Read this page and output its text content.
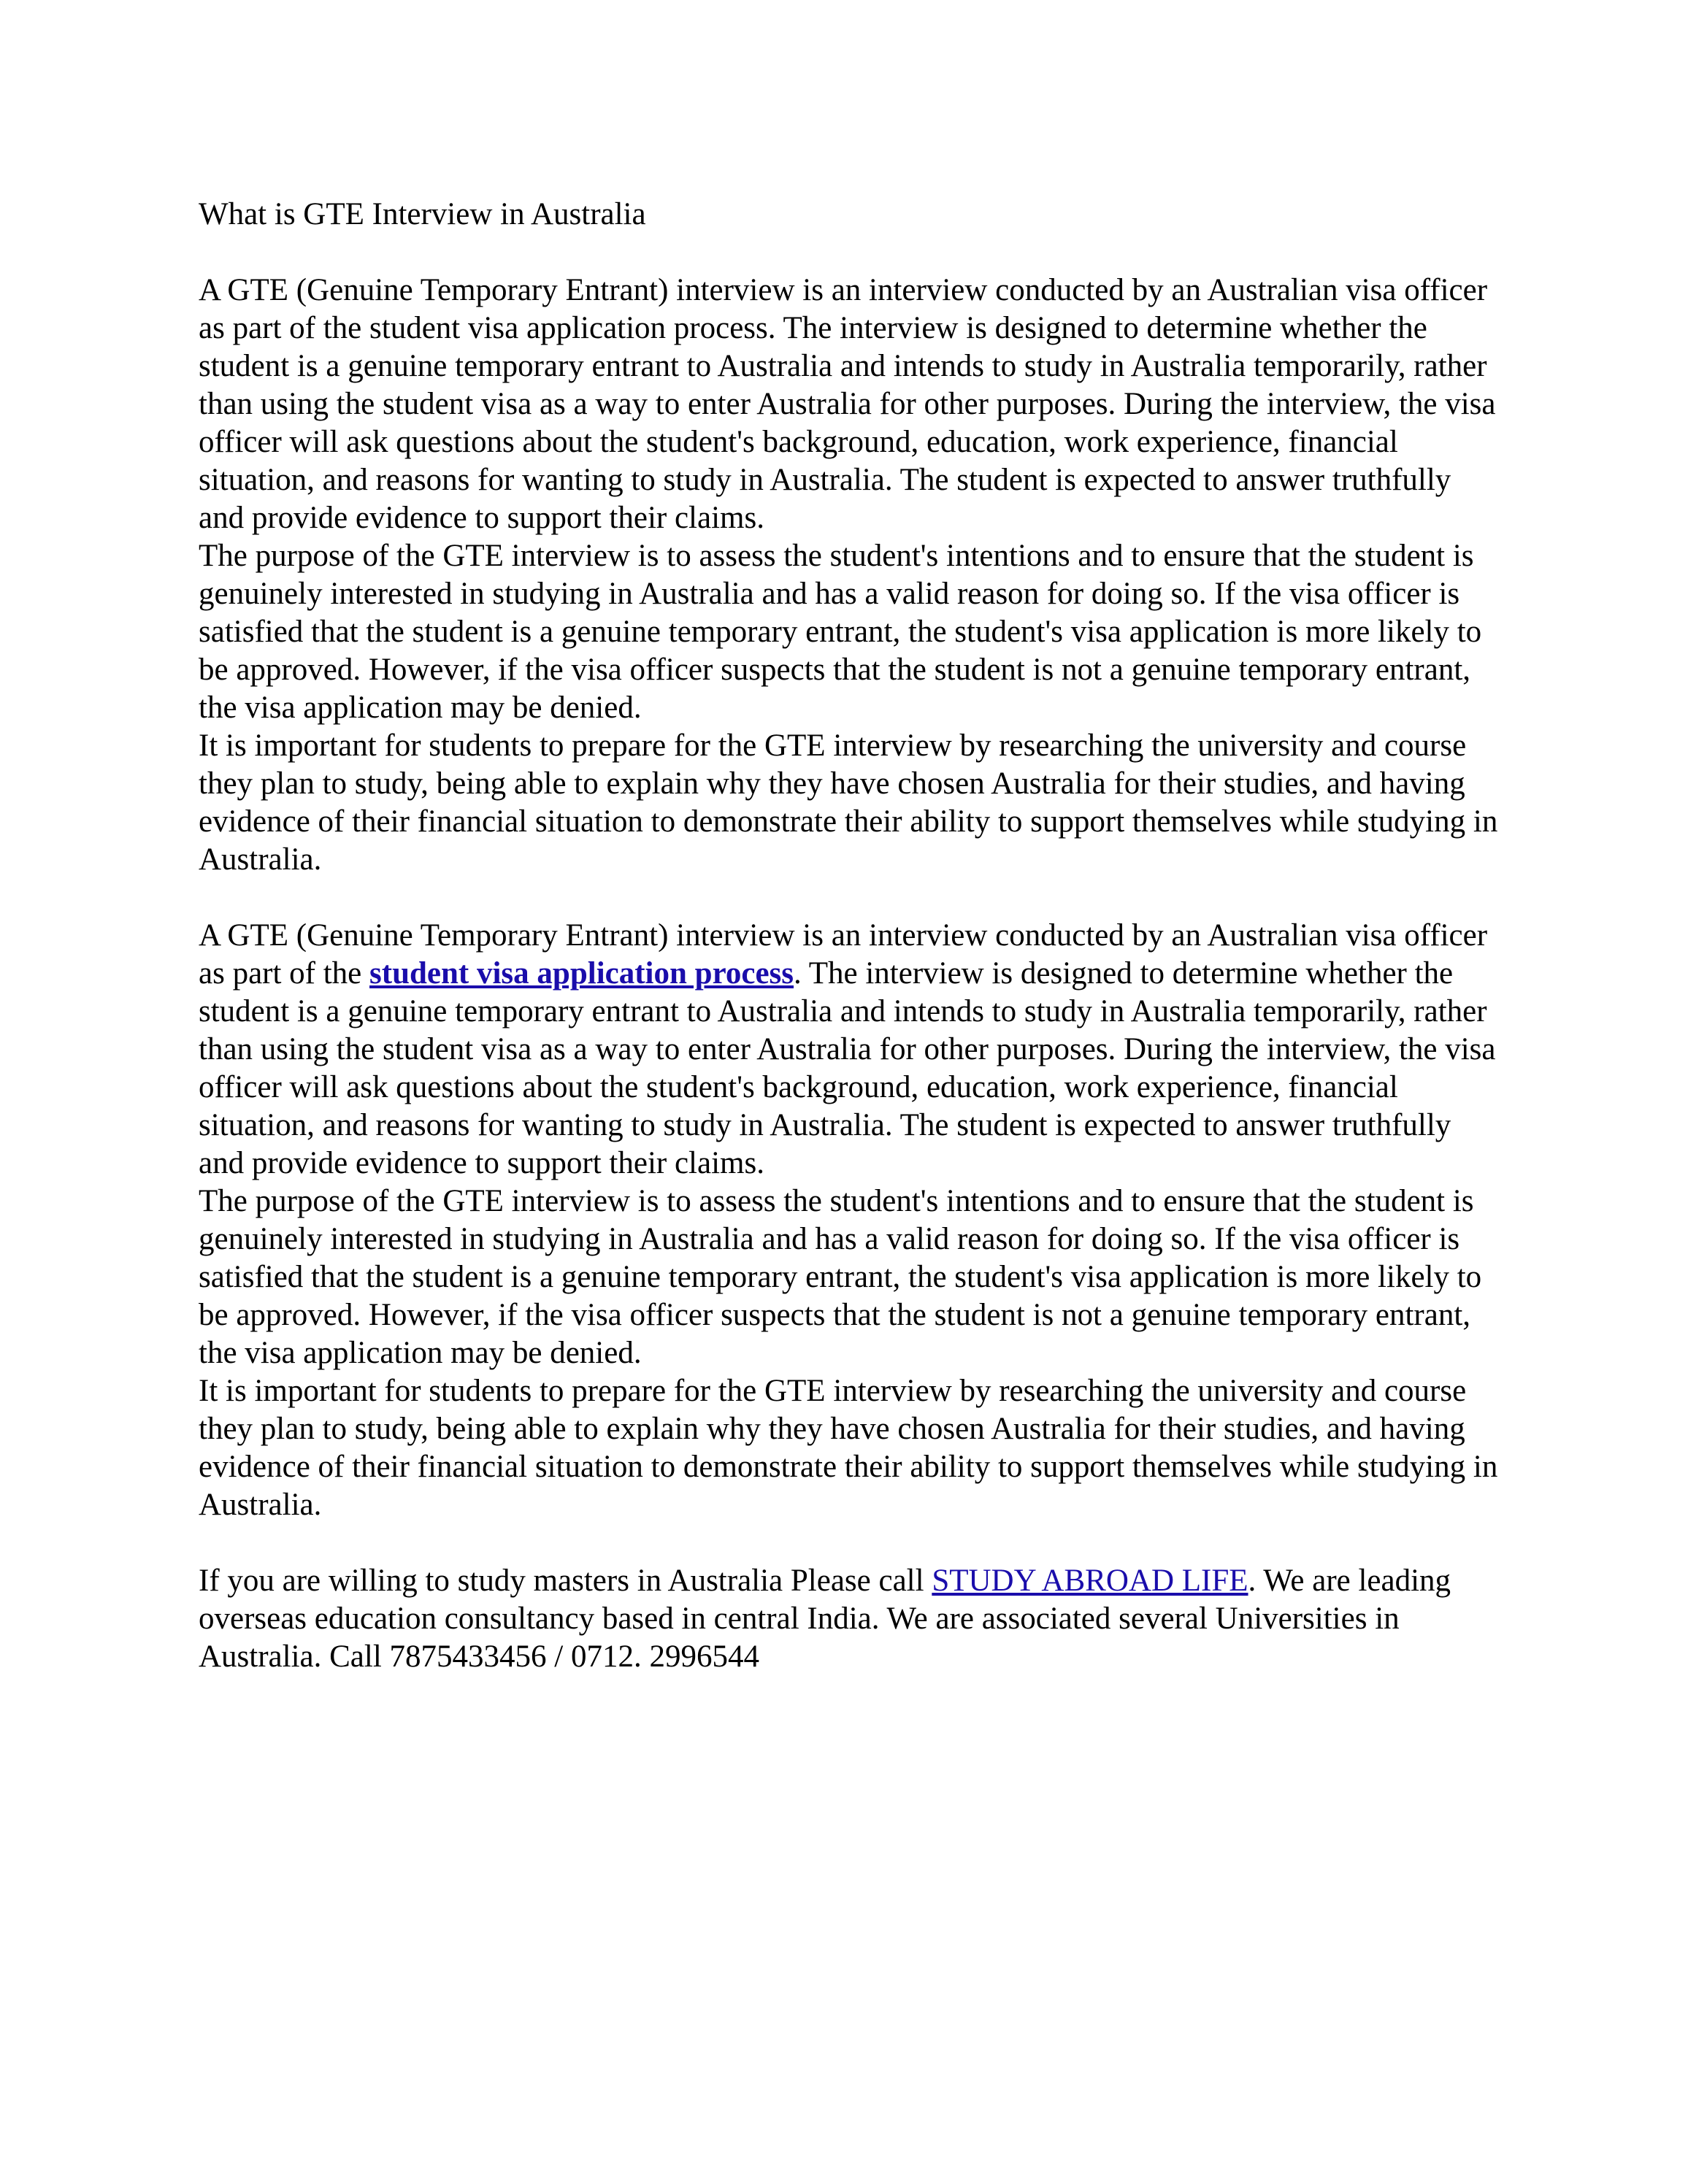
What is GTE Interview in Australia

A GTE (Genuine Temporary Entrant) interview is an interview conducted by an Australian visa officer as part of the student visa application process. The interview is designed to determine whether the student is a genuine temporary entrant to Australia and intends to study in Australia temporarily, rather than using the student visa as a way to enter Australia for other purposes. During the interview, the visa officer will ask questions about the student's background, education, work experience, financial situation, and reasons for wanting to study in Australia. The student is expected to answer truthfully and provide evidence to support their claims.

The purpose of the GTE interview is to assess the student's intentions and to ensure that the student is genuinely interested in studying in Australia and has a valid reason for doing so. If the visa officer is satisfied that the student is a genuine temporary entrant, the student's visa application is more likely to be approved. However, if the visa officer suspects that the student is not a genuine temporary entrant, the visa application may be denied.

It is important for students to prepare for the GTE interview by researching the university and course they plan to study, being able to explain why they have chosen Australia for their studies, and having evidence of their financial situation to demonstrate their ability to support themselves while studying in Australia.

A GTE (Genuine Temporary Entrant) interview is an interview conducted by an Australian visa officer as part of the student visa application process. The interview is designed to determine whether the student is a genuine temporary entrant to Australia and intends to study in Australia temporarily, rather than using the student visa as a way to enter Australia for other purposes. During the interview, the visa officer will ask questions about the student's background, education, work experience, financial situation, and reasons for wanting to study in Australia. The student is expected to answer truthfully and provide evidence to support their claims.

The purpose of the GTE interview is to assess the student's intentions and to ensure that the student is genuinely interested in studying in Australia and has a valid reason for doing so. If the visa officer is satisfied that the student is a genuine temporary entrant, the student's visa application is more likely to be approved. However, if the visa officer suspects that the student is not a genuine temporary entrant, the visa application may be denied.

It is important for students to prepare for the GTE interview by researching the university and course they plan to study, being able to explain why they have chosen Australia for their studies, and having evidence of their financial situation to demonstrate their ability to support themselves while studying in Australia.

If you are willing to study masters in Australia Please call STUDY ABROAD LIFE. We are leading overseas education consultancy based in central India. We are associated several Universities in Australia. Call 7875433456 / 0712. 2996544
